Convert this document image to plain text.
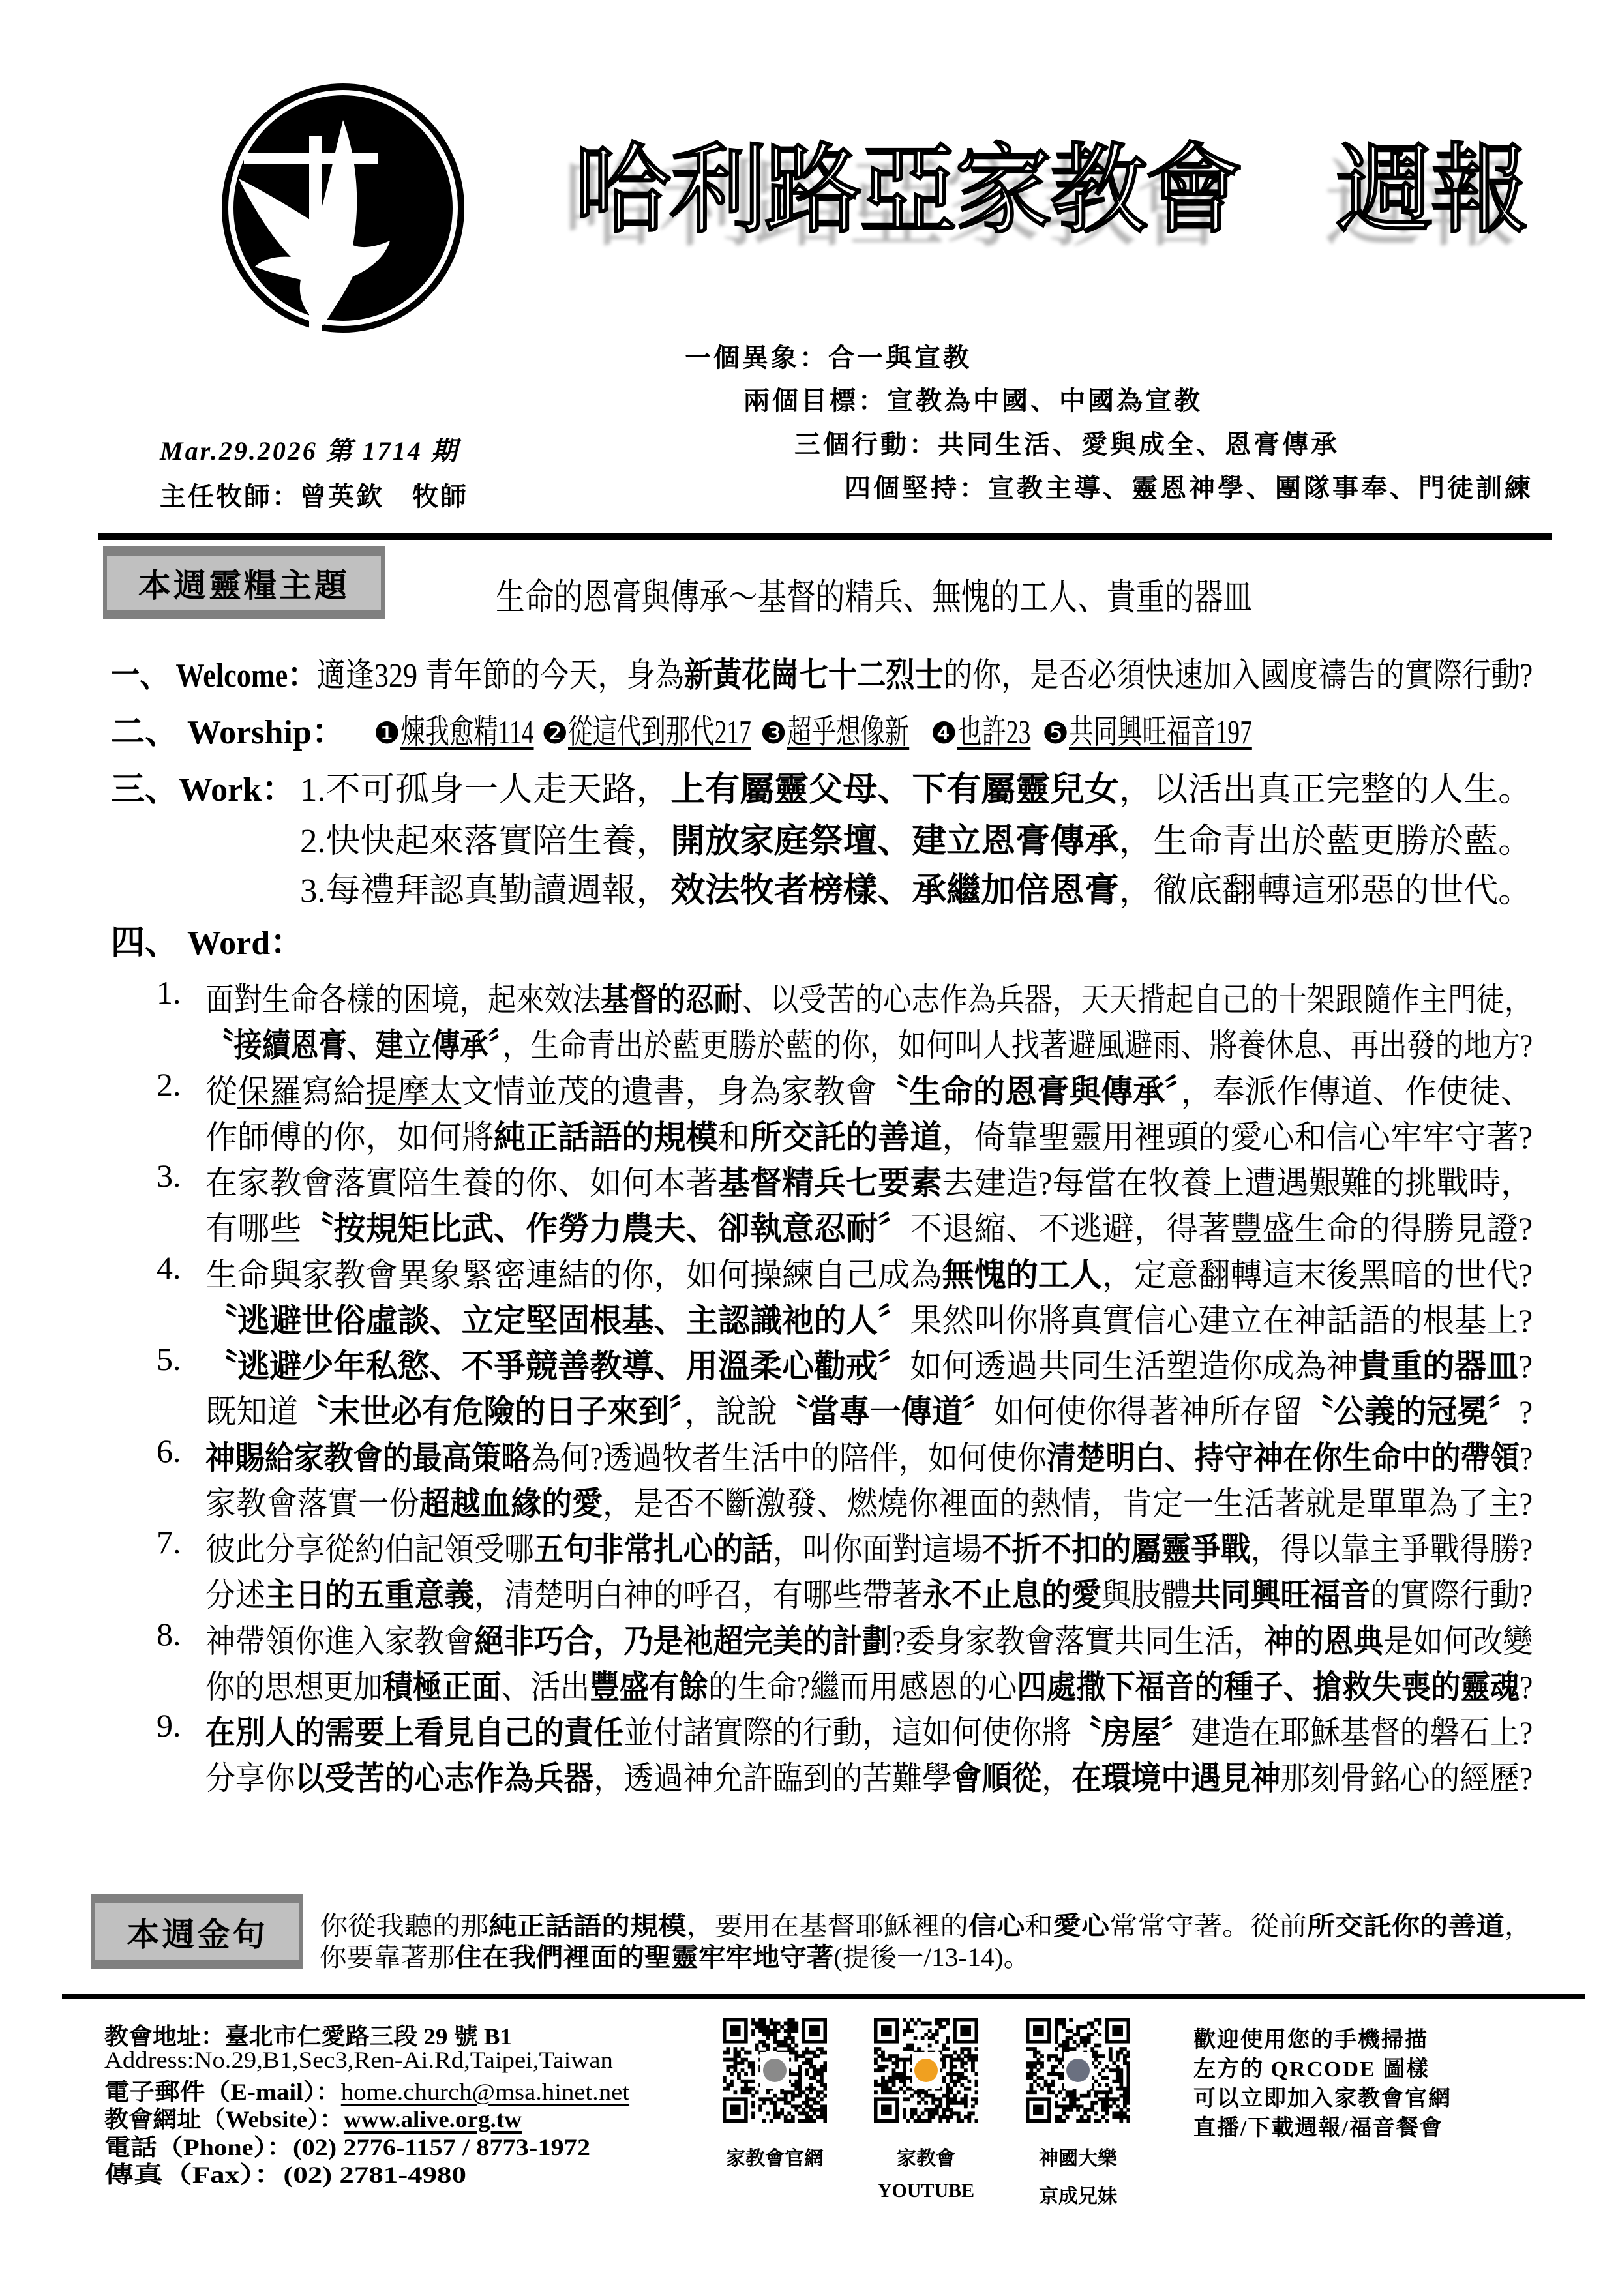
哈利路亞家教會　週報
一個異象：合一與宣教
兩個目標：宣教為中國、中國為宣教
三個行動：共同生活、愛與成全、恩膏傳承
四個堅持：宣教主導、靈恩神學、團隊事奉、門徒訓練
Mar.29.2026 第 1714 期
主任牧師：曾英欽　牧師
本週靈糧主題	生命的恩膏與傳承～基督的精兵、無愧的工人、貴重的器皿
一、 Welcome：適逢329 青年節的今天，身為新黃花崗七十二烈士的你，是否必須快速加入國度禱告的實際行動?
二、 Worship： ❶煉我愈精114 ❷從這代到那代217 ❸超乎想像新 ❹也許23 ❺共同興旺福音197
三、Work： 1.不可孤身一人走天路，上有屬靈父母、下有屬靈兒女，以活出真正完整的人生。
2.快快起來落實陪生養，開放家庭祭壇、建立恩膏傳承，生命青出於藍更勝於藍。
3.每禮拜認真勤讀週報，效法牧者榜樣、承繼加倍恩膏，徹底翻轉這邪惡的世代。
四、 Word：
1. 面對生命各樣的困境，起來效法基督的忍耐、以受苦的心志作為兵器，天天揹起自己的十架跟隨作主門徒，
〝接續恩膏、建立傳承〞，生命青出於藍更勝於藍的你，如何叫人找著避風避雨、將養休息、再出發的地方?
2. 從保羅寫給提摩太文情並茂的遺書，身為家教會〝生命的恩膏與傳承〞，奉派作傳道、作使徒、
作師傅的你，如何將純正話語的規模和所交託的善道，倚靠聖靈用裡頭的愛心和信心牢牢守著?
3. 在家教會落實陪生養的你、如何本著基督精兵七要素去建造?每當在牧養上遭遇艱難的挑戰時，
有哪些〝按規矩比武、作勞力農夫、卻執意忍耐〞不退縮、不逃避，得著豐盛生命的得勝見證?
4. 生命與家教會異象緊密連結的你，如何操練自己成為無愧的工人，定意翻轉這末後黑暗的世代?
〝逃避世俗虛談、立定堅固根基、主認識祂的人〞果然叫你將真實信心建立在神話語的根基上?
5. 〝逃避少年私慾、不爭競善教導、用溫柔心勸戒〞如何透過共同生活塑造你成為神貴重的器皿?
既知道〝末世必有危險的日子來到〞，說說〝當專一傳道〞如何使你得著神所存留〝公義的冠冕〞?
6. 神賜給家教會的最高策略為何?透過牧者生活中的陪伴，如何使你清楚明白、持守神在你生命中的帶領?
家教會落實一份超越血緣的愛，是否不斷激發、燃燒你裡面的熱情，肯定一生活著就是單單為了主?
7. 彼此分享從約伯記領受哪五句非常扎心的話，叫你面對這場不折不扣的屬靈爭戰，得以靠主爭戰得勝?
分述主日的五重意義，清楚明白神的呼召，有哪些帶著永不止息的愛與肢體共同興旺福音的實際行動?
8. 神帶領你進入家教會絕非巧合，乃是祂超完美的計劃?委身家教會落實共同生活，神的恩典是如何改變
你的思想更加積極正面、活出豐盛有餘的生命?繼而用感恩的心四處撒下福音的種子、搶救失喪的靈魂?
9. 在別人的需要上看見自己的責任並付諸實際的行動，這如何使你將〝房屋〞建造在耶穌基督的磐石上?
分享你以受苦的心志作為兵器，透過神允許臨到的苦難學會順從，在環境中遇見神那刻骨銘心的經歷?
本週金句 你從我聽的那純正話語的規模，要用在基督耶穌裡的信心和愛心常常守著。從前所交託你的善道，
你要靠著那住在我們裡面的聖靈牢牢地守著(提後一/13-14)。
教會地址：臺北市仁愛路三段 29 號 B1
Address:No.29,B1,Sec3,Ren-Ai.Rd,Taipei,Taiwan
電子郵件（E-mail）：home.church@msa.hinet.net
教會網址（Website）：www.alive.org.tw
電話（Phone）：(02) 2776-1157 / 8773-1972
傳真（Fax）：(02) 2781-4980
家教會官網	家教會
YOUTUBE
神國大樂
京成兄妹
歡迎使用您的手機掃描
左方的 QRCODE 圖樣
可以立即加入家教會官網
直播/下載週報/福音餐會
